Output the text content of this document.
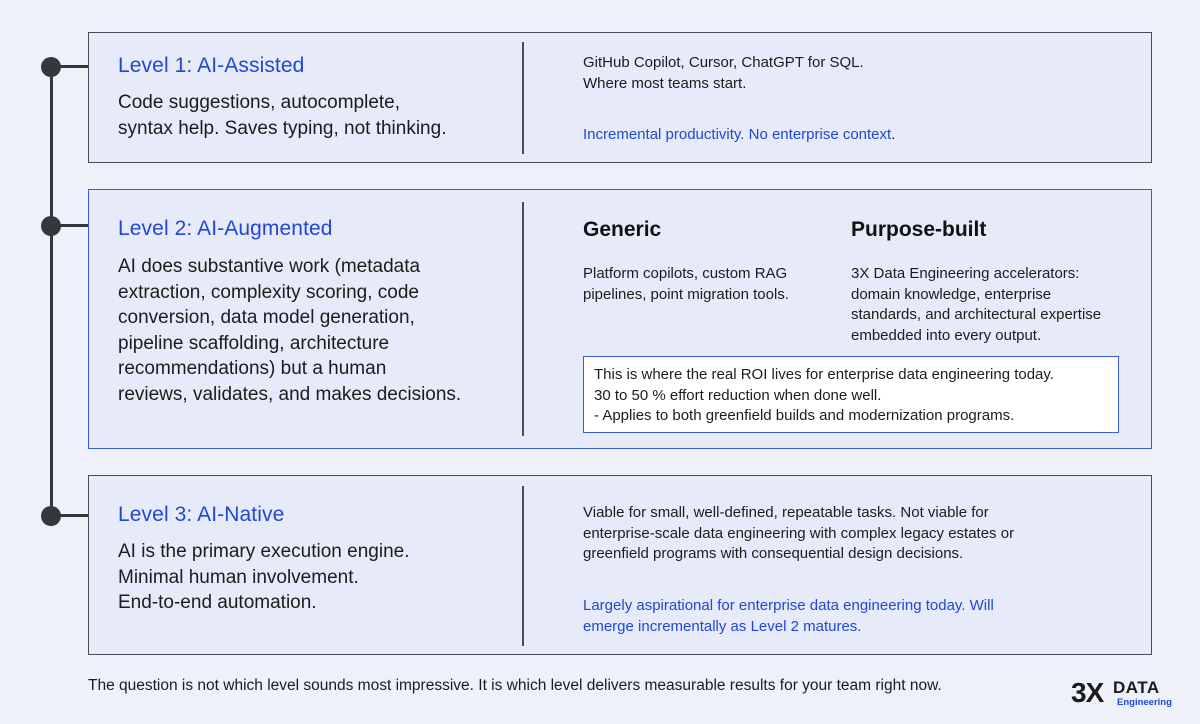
Level 1: AI-Assisted

Code suggestions, autocomplete,
syntax help. Saves typing, not thinking.

GitHub Copilot, Cursor, ChatGPT for SQL.
Where most teams start.

Incremental productivity. No enterprise context.

Level 2: AI-Augmented

AI does substantive work (metadata
extraction, complexity scoring, code
conversion, data model generation,
pipeline scaffolding, architecture
recommendations) but a human
reviews, validates, and makes decisions.

Generic

Platform copilots, custom RAG
pipelines, point migration tools.

Purpose-built

3X Data Engineering accelerators:
domain knowledge, enterprise
standards, and architectural expertise
embedded into every output.

This is where the real ROI lives for enterprise data engineering today.
30 to 50 % effort reduction when done well.
- Applies to both greenfield builds and modernization programs.
Level 3: AI-Native

AI is the primary execution engine.
Minimal human involvement.
End-to-end automation.

Viable for small, well-defined, repeatable tasks. Not viable for
enterprise-scale data engineering with complex legacy estates or
greenfield programs with consequential design decisions.

Largely aspirational for enterprise data engineering today. Will
emerge incrementally as Level 2 matures.

The question is not which level sounds most impressive. It is which level delivers measurable results for your team right now.	3X DATA
Engineering
